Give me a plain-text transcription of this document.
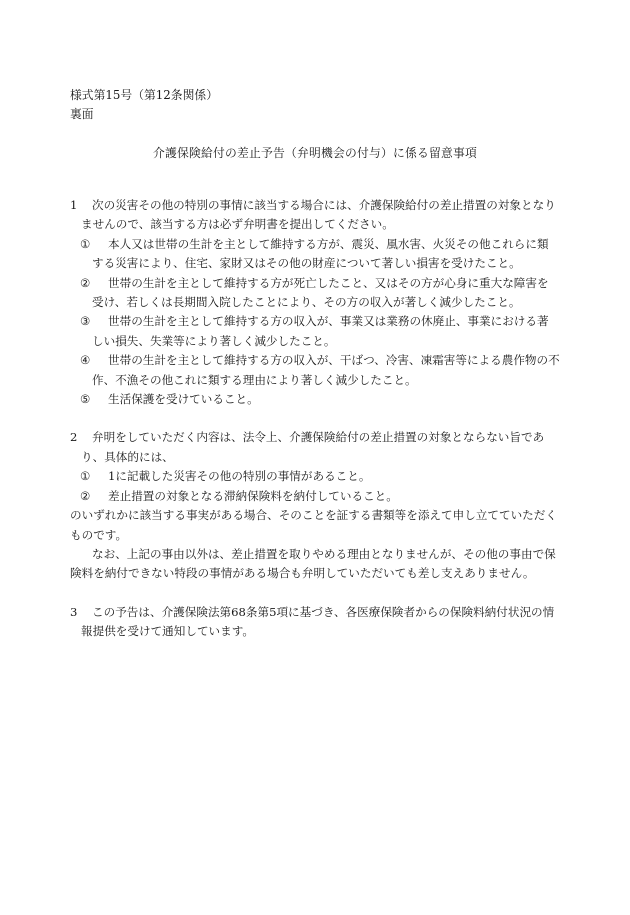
様式第15号（第12条関係）
裏面
介護保険給付の差止予告（弁明機会の付与）に係る留意事項
1 次の災害その他の特別の事情に該当する場合には、介護保険給付の差止措置の対象となりませんので、該当する方は必ず弁明書を提出してください。
① 本人又は世帯の生計を主として維持する方が、震災、風水害、火災その他これらに類する災害により、住宅、家財又はその他の財産について著しい損害を受けたこと。
② 世帯の生計を主として維持する方が死亡したこと、又はその方が心身に重大な障害を受け、若しくは長期間入院したことにより、その方の収入が著しく減少したこと。
③ 世帯の生計を主として維持する方の収入が、事業又は業務の休廃止、事業における著しい損失、失業等により著しく減少したこと。
④ 世帯の生計を主として維持する方の収入が、干ばつ、冷害、凍霜害等による農作物の不作、不漁その他これに類する理由により著しく減少したこと。
⑤ 生活保護を受けていること。
2 弁明をしていただく内容は、法令上、介護保険給付の差止措置の対象とならない旨であり、具体的には、
① 1に記載した災害その他の特別の事情があること。
② 差止措置の対象となる滞納保険料を納付していること。
のいずれかに該当する事実がある場合、そのことを証する書類等を添えて申し立てていただくものです。
なお、上記の事由以外は、差止措置を取りやめる理由となりませんが、その他の事由で保険料を納付できない特段の事情がある場合も弁明していただいても差し支えありません。
3 この予告は、介護保険法第68条第5項に基づき、各医療保険者からの保険料納付状況の情報提供を受けて通知しています。
